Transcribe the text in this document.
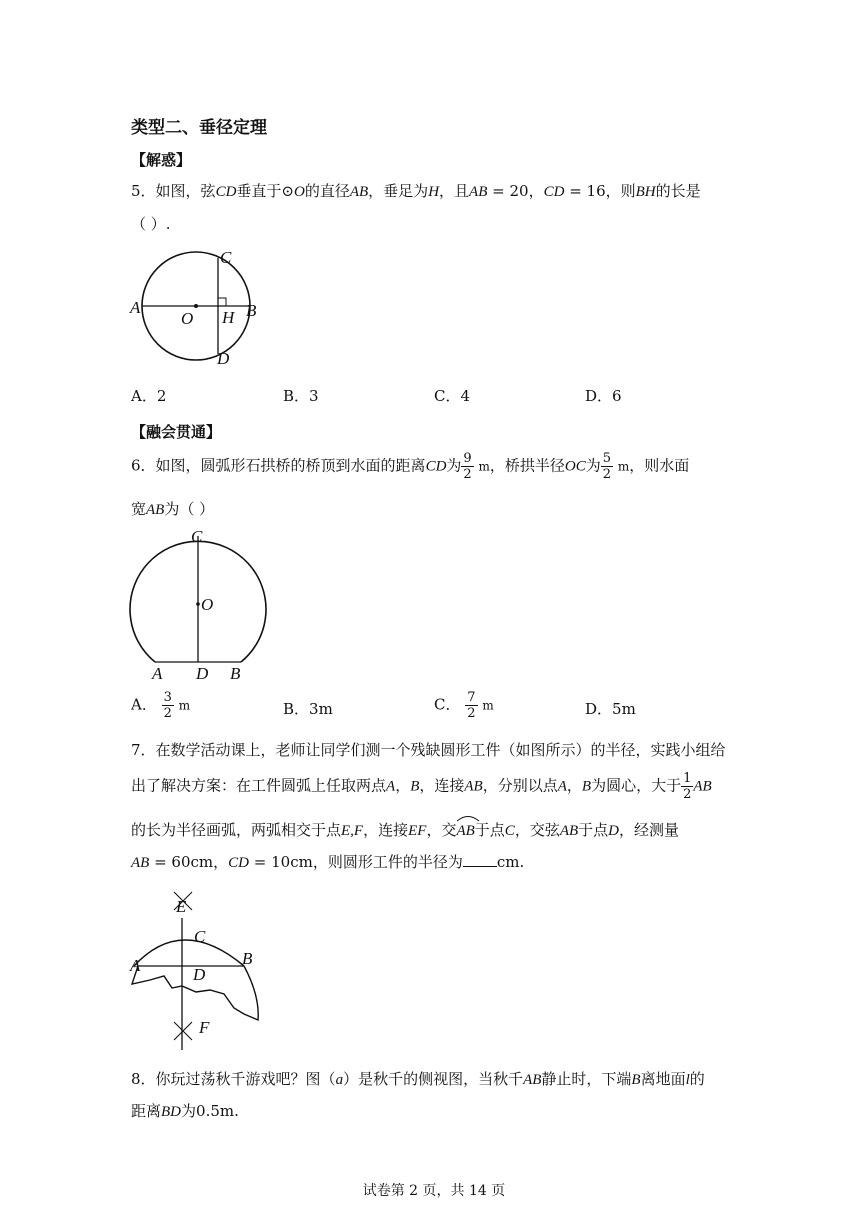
类型二、垂径定理
【解惑】
5．如图，弦CD垂直于⊙O的直径AB，垂足为H，且AB = 20，CD = 16，则BH的长是
（ ）.
A	B
C
D
O H
A．2	B．3	C．4	D．6
【融会贯通】
6．如图，圆弧形石拱桥的桥顶到水面的距离CD为 $\frac{9}{2}$ m，桥拱半径OC为 $\frac{5}{2}$ m，则水面
宽AB为（ ）
C
O
A D B
A． $\frac{3}{2}$ m	B．3m	C． $\frac{7}{2}$ m	D．5m
7．在数学活动课上，老师让同学们测一个残缺圆形工件（如图所示）的半径，实践小组给
出了解决方案：在工件圆弧上任取两点A，B，连接AB，分别以点A，B为圆心，大于 $\frac{1}{2}$ AB
的长为半径画弧，两弧相交于点E,F，连接EF，交
AB于点C，交弦AB于点D，经测量
AB = 60cm，CD = 10cm，则圆形工件的半径为 cm.
E
C
A	B
D
F
8．你玩过荡秋千游戏吧？图（a）是秋千的侧视图，当秋千AB静止时，下端B离地面l的
距离BD为0.5m.
试卷第 2 页，共 14 页
